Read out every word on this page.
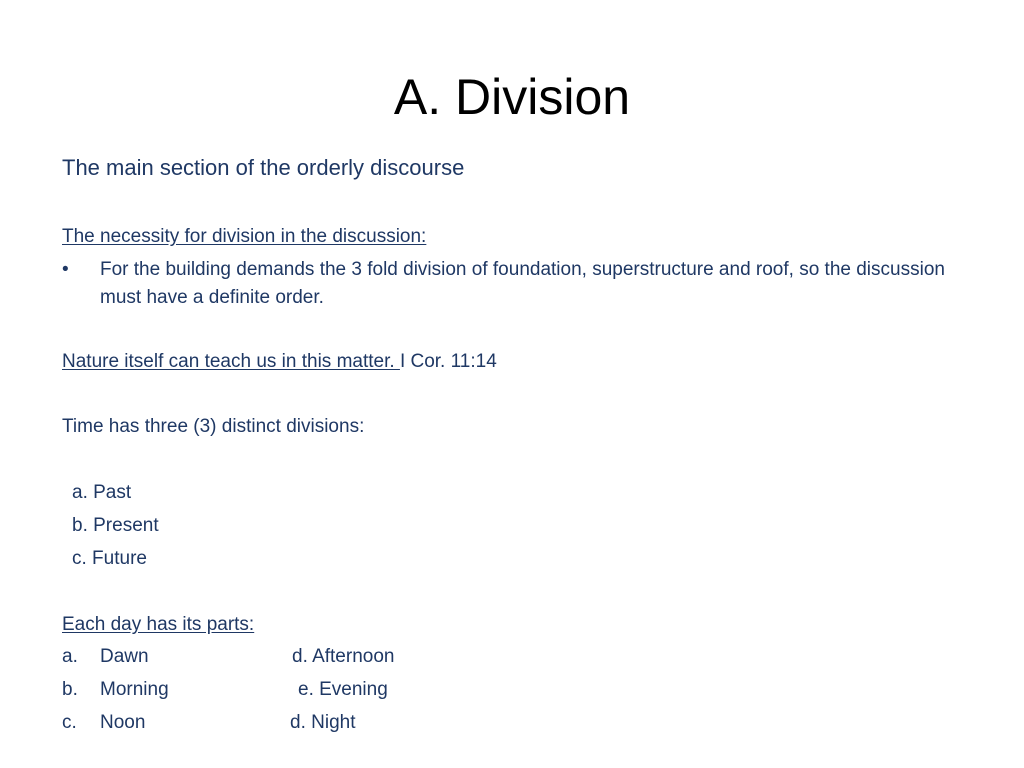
A. Division
The main section of the orderly discourse
The necessity for division in the discussion:
•	For the building demands the 3 fold division of foundation, superstructure and roof, so the discussion must have a definite order.
Nature itself can teach us in this matter. I Cor. 11:14
Time has three (3) distinct divisions:
a. Past
b. Present
c. Future
Each day has its parts:
a. Dawn	d. Afternoon
b. Morning	e. Evening
c. Noon	d. Night
